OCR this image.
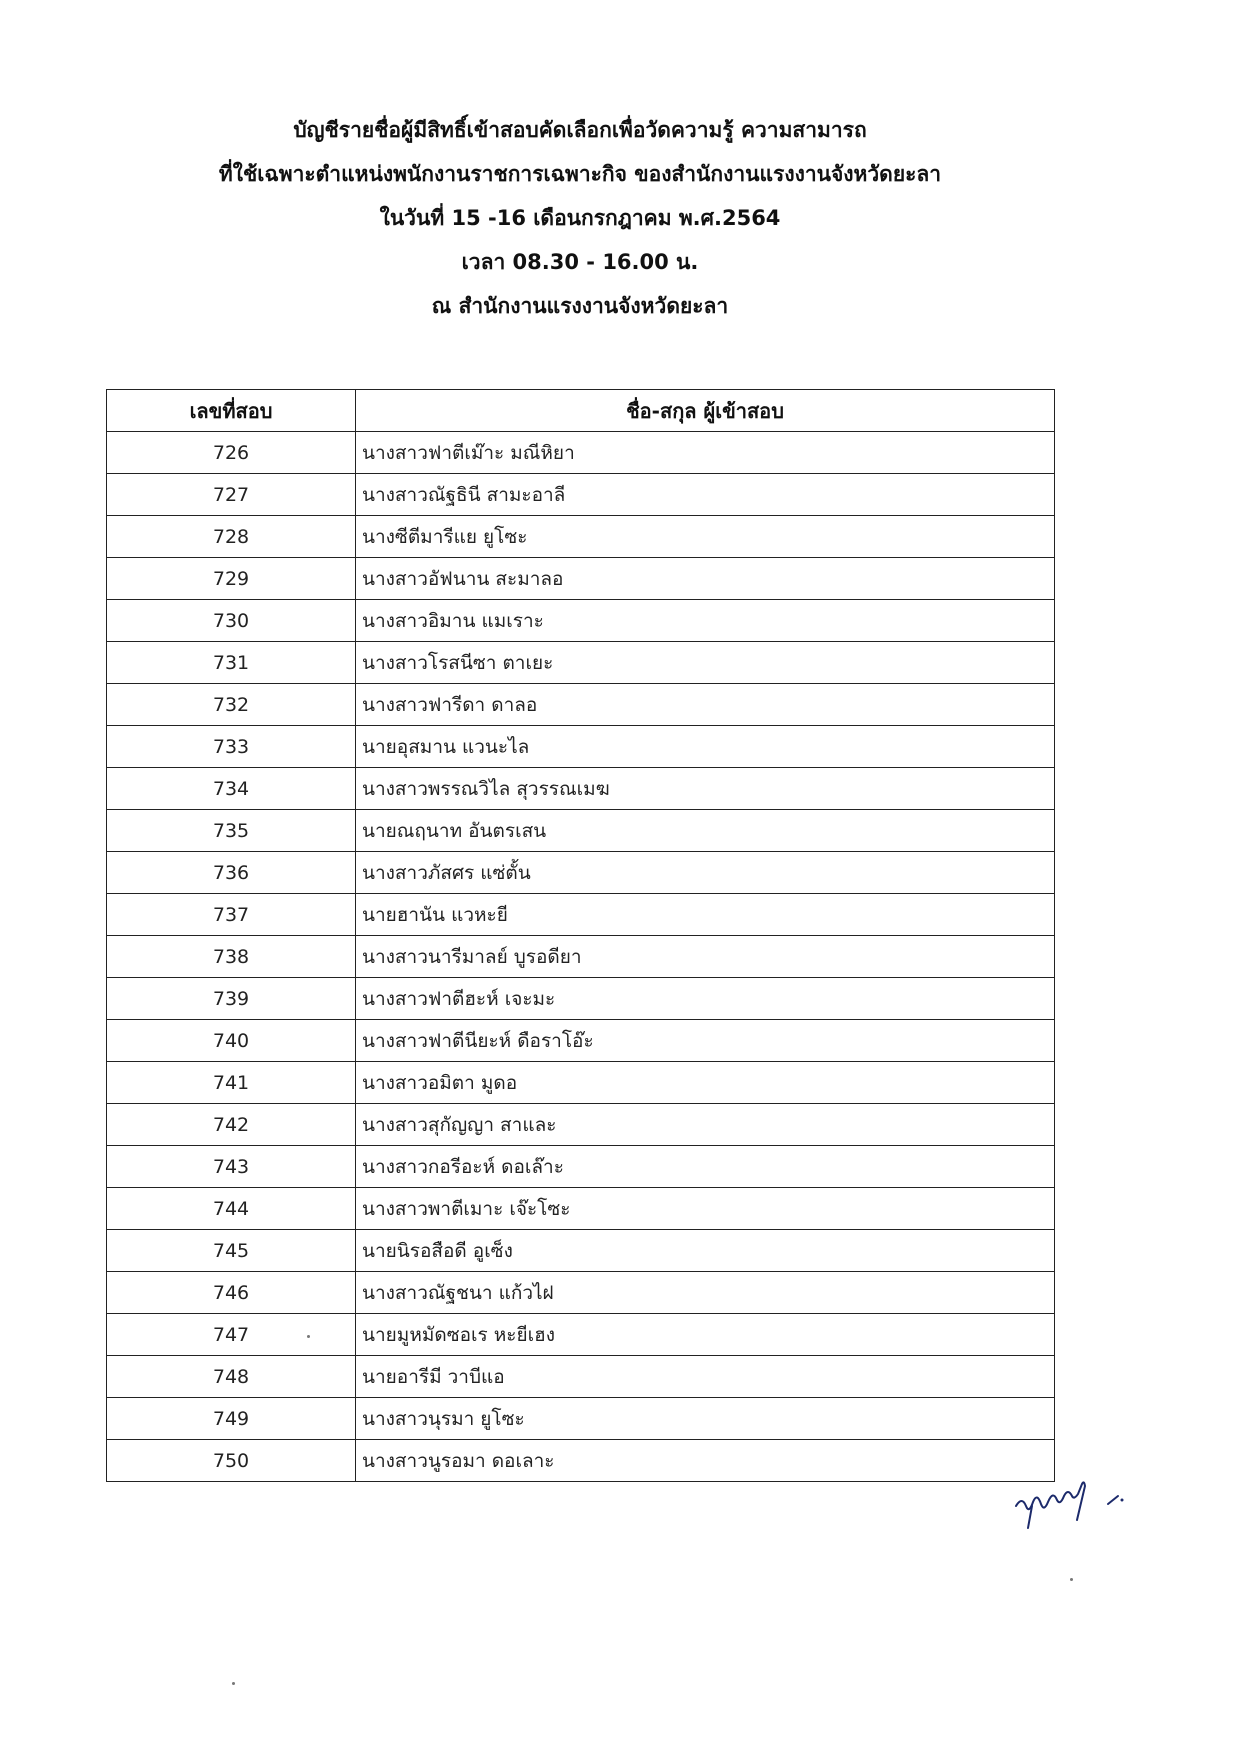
บัญชีรายชื่อผู้มีสิทธิ์เข้าสอบคัดเลือกเพื่อวัดความรู้ ความสามารถ
ที่ใช้เฉพาะตำแหน่งพนักงานราชการเฉพาะกิจ ของสำนักงานแรงงานจังหวัดยะลา
ในวันที่ 15 -16 เดือนกรกฎาคม พ.ศ.2564
เวลา 08.30 - 16.00 น.
ณ สำนักงานแรงงานจังหวัดยะลา
เลขที่สอบ	ชื่อ-สกุล ผู้เข้าสอบ
726	นางสาวฟาตีเม๊าะ มณีหิยา
727	นางสาวณัฐธินี สามะอาลี
728	นางซีตีมารีแย ยูโซะ
729	นางสาวอัฟนาน สะมาลอ
730	นางสาวอิมาน แมเราะ
731	นางสาวโรสนีซา ตาเยะ
732	นางสาวฟารีดา ดาลอ
733	นายอุสมาน แวนะไล
734	นางสาวพรรณวิไล สุวรรณเมฆ
735	นายณฤนาท อันตรเสน
736	นางสาวภัสศร แซ่ตั้น
737	นายฮานัน แวหะยี
738	นางสาวนารีมาลย์ บูรอดียา
739	นางสาวฟาตีฮะห์ เจะมะ
740	นางสาวฟาตีนียะห์ ดือราโอ๊ะ
741	นางสาวอมิตา มูดอ
742	นางสาวสุกัญญา สาและ
743	นางสาวกอรีอะห์ ดอเล๊าะ
744	นางสาวพาตีเมาะ เจ๊ะโซะ
745	นายนิรอสือดี อูเซ็ง
746	นางสาวณัฐชนา แก้วไฝ
747	นายมูหมัดซอเร หะยีเฮง
748	นายอารีมี วาบีแอ
749	นางสาวนุรมา ยูโซะ
750	นางสาวนูรอมา ดอเลาะ
